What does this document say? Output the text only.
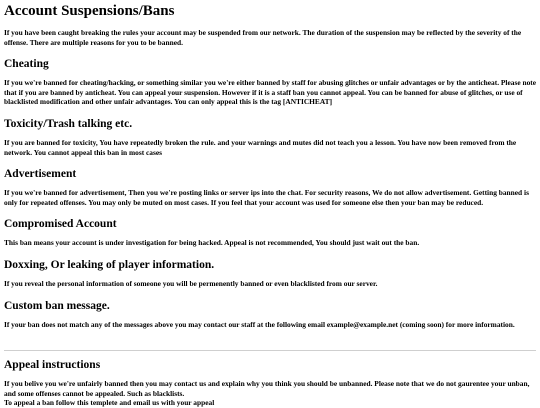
Account Suspensions/Bans

If you have been caught breaking the rules your account may be suspended from our network. The duration of the suspension may be reflected by the severity of the offense. There are multiple reasons for you to be banned.

Cheating

If you we're banned for cheating/hacking, or something similar you we're either banned by staff for abusing glitches or unfair advantages or by the anticheat. Please note that if you are banned by anticheat. You can appeal your suspension. However if it is a staff ban you cannot appeal. You can be banned for abuse of glitches, or use of blacklisted modification and other unfair advantages. You can only appeal this is the tag [ANTICHEAT]

Toxicity/Trash talking etc.

If you are banned for toxicity, You have repeatedly broken the rule. and your warnings and mutes did not teach you a lesson. You have now been removed from the network. You cannot appeal this ban in most cases

Advertisement

If you we're banned for advertisement, Then you we're posting links or server ips into the chat. For security reasons, We do not allow advertisement. Getting banned is only for repeated offenses. You may only be muted on most cases. If you feel that your account was used for someone else then your ban may be reduced.

Compromised Account

This ban means your account is under investigation for being hacked. Appeal is not recommended, You should just wait out the ban.

Doxxing, Or leaking of player information.

If you reveal the personal information of someone you will be permenently banned or even blacklisted from our server.

Custom ban message.

If your ban does not match any of the messages above you may contact our staff at the following email example@example.net (coming soon) for more information.

Appeal instructions

If you belive you we're unfairly banned then you may contact us and explain why you think you should be unbanned. Please note that we do not gaurentee your unban, and some offenses cannot be appealed. Such as blacklists.
To appeal a ban follow this templete and email us with your appeal
